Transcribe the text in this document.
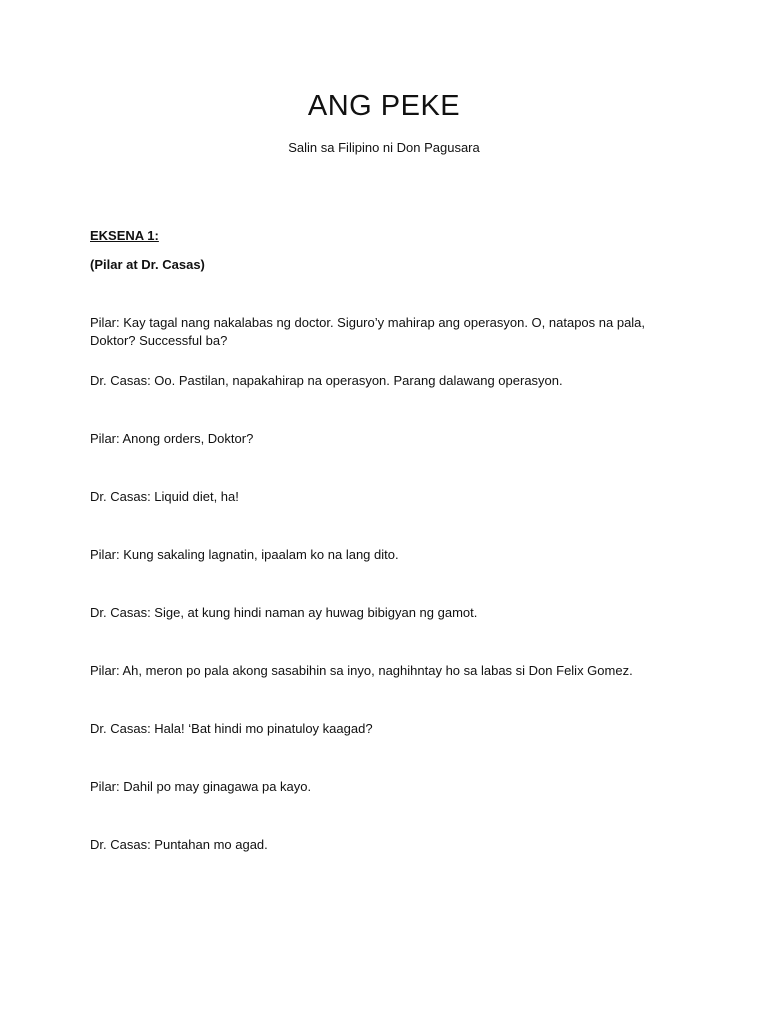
ANG PEKE
Salin sa Filipino ni Don Pagusara
EKSENA 1:
(Pilar at Dr. Casas)
Pilar: Kay tagal nang nakalabas ng doctor. Siguro’y mahirap ang operasyon. O, natapos na pala, Doktor? Successful ba?
Dr. Casas: Oo. Pastilan, napakahirap na operasyon. Parang dalawang operasyon.
Pilar: Anong orders, Doktor?
Dr. Casas: Liquid diet, ha!
Pilar: Kung sakaling lagnatin, ipaalam ko na lang dito.
Dr. Casas: Sige, at kung hindi naman ay huwag bibigyan ng gamot.
Pilar: Ah, meron po pala akong sasabihin sa inyo, naghihntay ho sa labas si Don Felix Gomez.
Dr. Casas: Hala! ‘Bat hindi mo pinatuloy kaagad?
Pilar: Dahil po may ginagawa pa kayo.
Dr. Casas: Puntahan mo agad.
